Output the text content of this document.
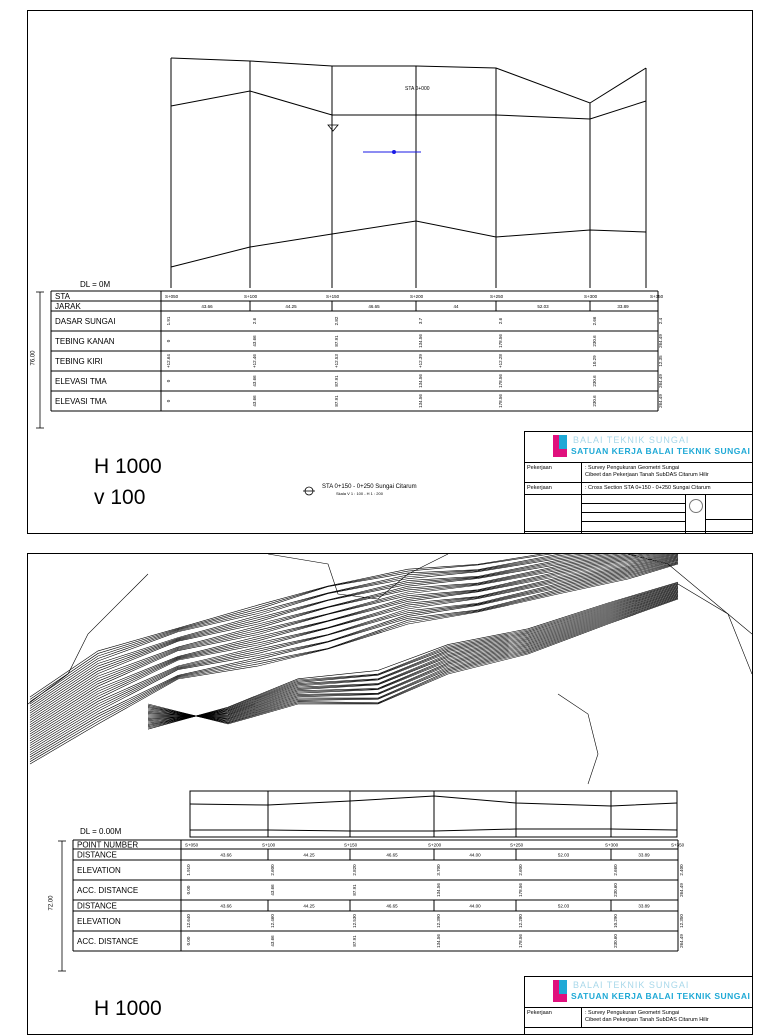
STA	S+050	S+100	S+150	S+200	S+250	S+300	S+350
JARAK	43.66	44.25	46.65	44	52.03	33.89
DASAR SUNGAI	1.91	2.6	2.82	3.7	2.6	2.66	2.4
TEBING KANAN	0	43.66	87.91	134.56	178.56	230.6	264.49
TEBING KIRI	+12.64	+12.46	+12.53	+12.39	+12.28	10.29	12.35
ELEVASI TMA	0	43.66	87.91	134.56	178.56	230.6	264.49
ELEVASI TMA	0	43.66	87.91	134.56	178.56	230.6	264.49
DL = 0M
STA 0+000
76.00
H 1000
v 100	STA 0+150 - 0+250 Sungai Citarum
Skala V 1 : 100 - H 1 : 200
BALAI TEKNIK SUNGAI
SATUAN KERJA BALAI TEKNIK SUNGAI
Pekerjaan	: Survey Pengukuran Geometri Sungai
Cibeet dan Pekerjaan Tanah SubDAS Citarum Hilir
Pekerjaan	: Cross Section STA 0+150 - 0+250 Sungai Citarum
POINT NUMBER	S+050	S+100	S+150	S+200	S+250	S+300	S+350
DISTANCE	43.66	44.25	46.65	44.00	52.03	33.89
ELEVATION	1.910	2.600	2.820	3.700	2.600	2.660	2.400
ACC. DISTANCE	0.00	43.66	87.91	134.56	178.56	230.60	264.49
DISTANCE	43.66	44.25	46.65	44.00	52.03	33.89
ELEVATION	12.640	12.460	12.530	12.390	12.280	10.290	12.350
ACC. DISTANCE	0.00	43.66	87.91	134.56	178.56	230.60	264.49
DL = 0.00M
72.00
H 1000
BALAI TEKNIK SUNGAI
SATUAN KERJA BALAI TEKNIK SUNGAI
Pekerjaan	: Survey Pengukuran Geometri Sungai
Cibeet dan Pekerjaan Tanah SubDAS Citarum Hilir
